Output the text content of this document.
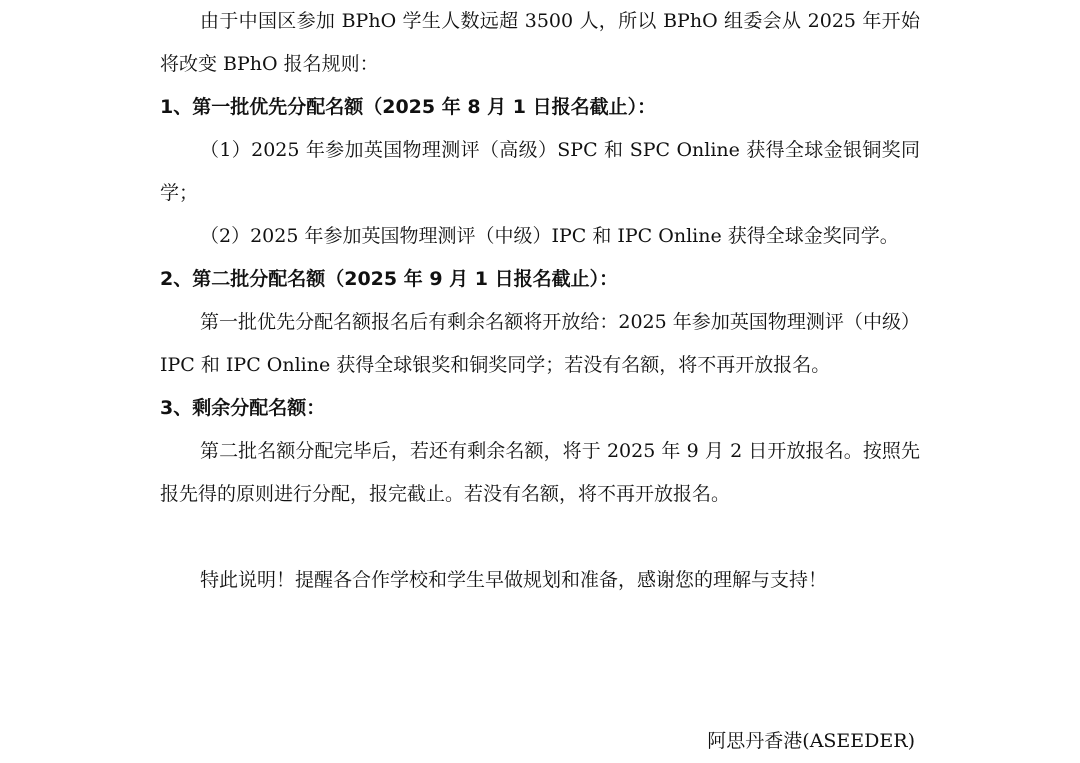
由于中国区参加 BPhO 学生人数远超 3500 人，所以 BPhO 组委会从 2025 年开始将改变 BPhO 报名规则：

1、第一批优先分配名额（2025 年 8 月 1 日报名截止）：

（1）2025 年参加英国物理测评（高级）SPC 和 SPC Online 获得全球金银铜奖同学；

（2）2025 年参加英国物理测评（中级）IPC 和 IPC Online 获得全球金奖同学。

2、第二批分配名额（2025 年 9 月 1 日报名截止）：

第一批优先分配名额报名后有剩余名额将开放给：2025 年参加英国物理测评（中级）IPC 和 IPC Online 获得全球银奖和铜奖同学；若没有名额，将不再开放报名。

3、剩余分配名额：

第二批名额分配完毕后，若还有剩余名额，将于 2025 年 9 月 2 日开放报名。按照先报先得的原则进行分配，报完截止。若没有名额，将不再开放报名。

特此说明！提醒各合作学校和学生早做规划和准备，感谢您的理解与支持！

阿思丹香港(ASEEDER)
